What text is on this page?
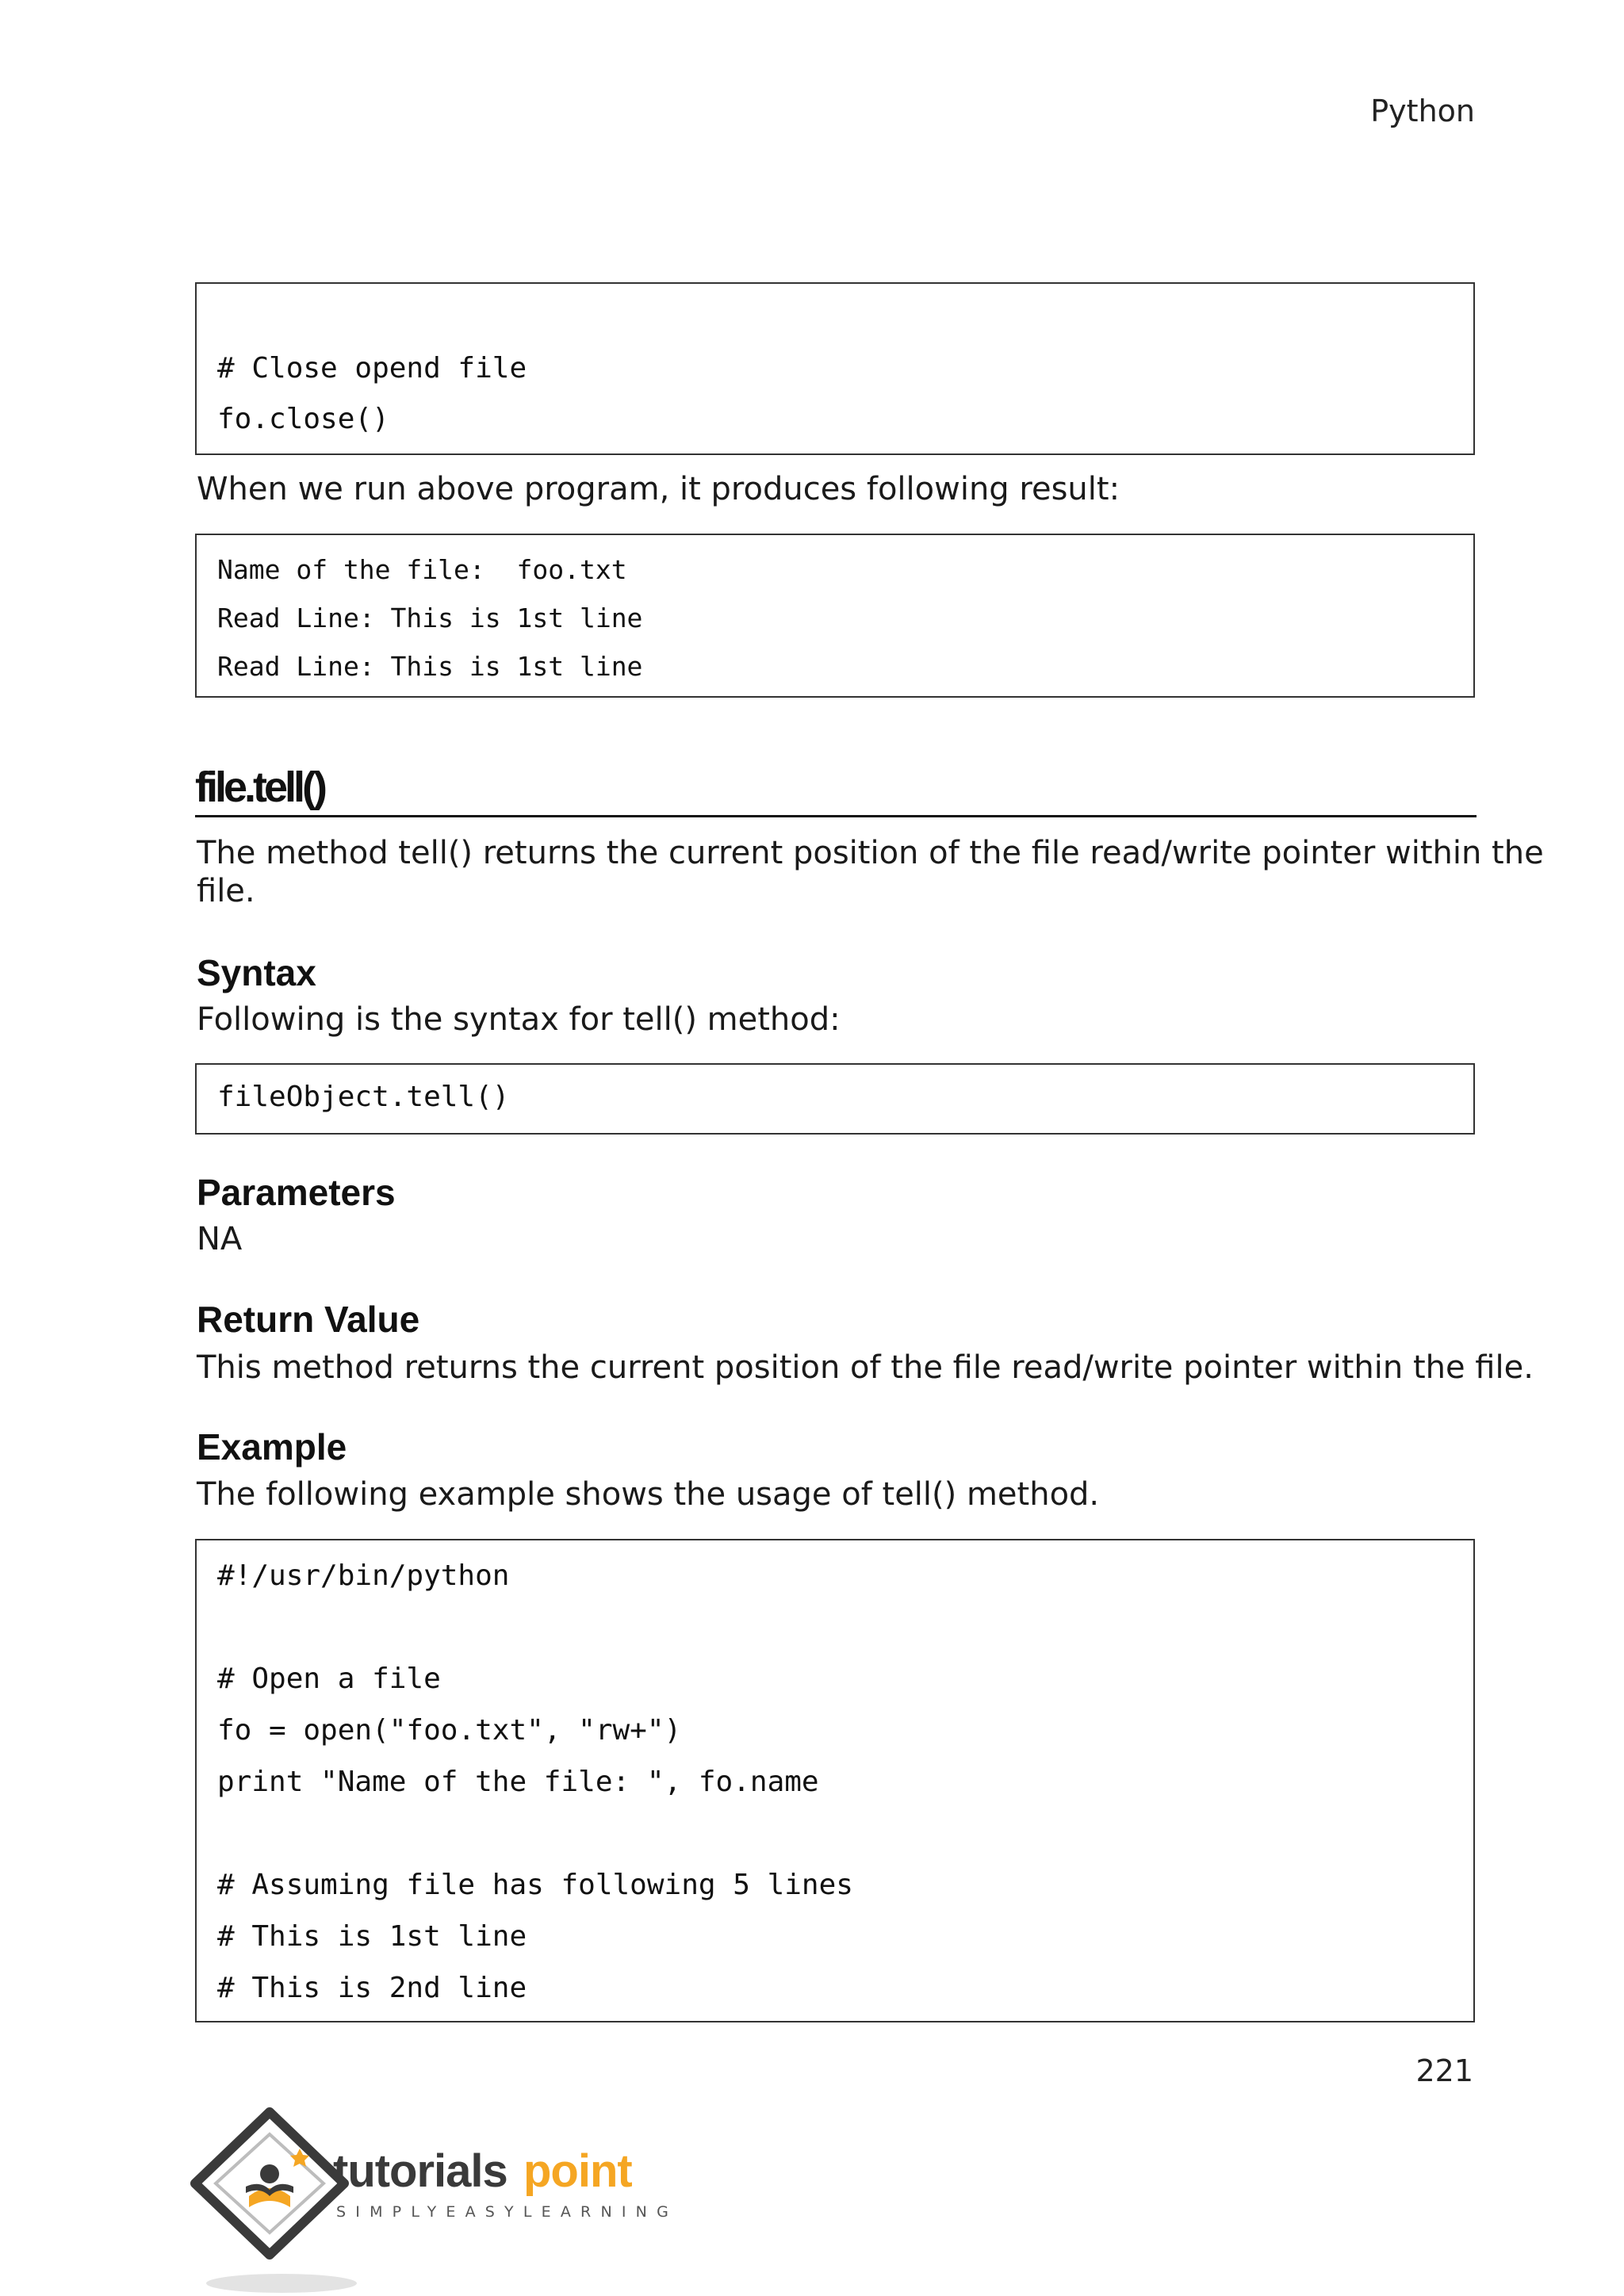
Python
# Close opend file
fo.close()
When we run above program, it produces following result:
Name of the file:  foo.txt
Read Line: This is 1st line
Read Line: This is 1st line
file.tell()
The method tell() returns the current position of the file read/write pointer within the
file.
Syntax
Following is the syntax for tell() method:
fileObject.tell()
Parameters
NA
Return Value
This method returns the current position of the file read/write pointer within the file.
Example
The following example shows the usage of tell() method.
#!/usr/bin/python
# Open a file
fo = open("foo.txt", "rw+")
print "Name of the file: ", fo.name
# Assuming file has following 5 lines
# This is 1st line
# This is 2nd line
221
tutorials point
SIMPLYEASYLEARNING
